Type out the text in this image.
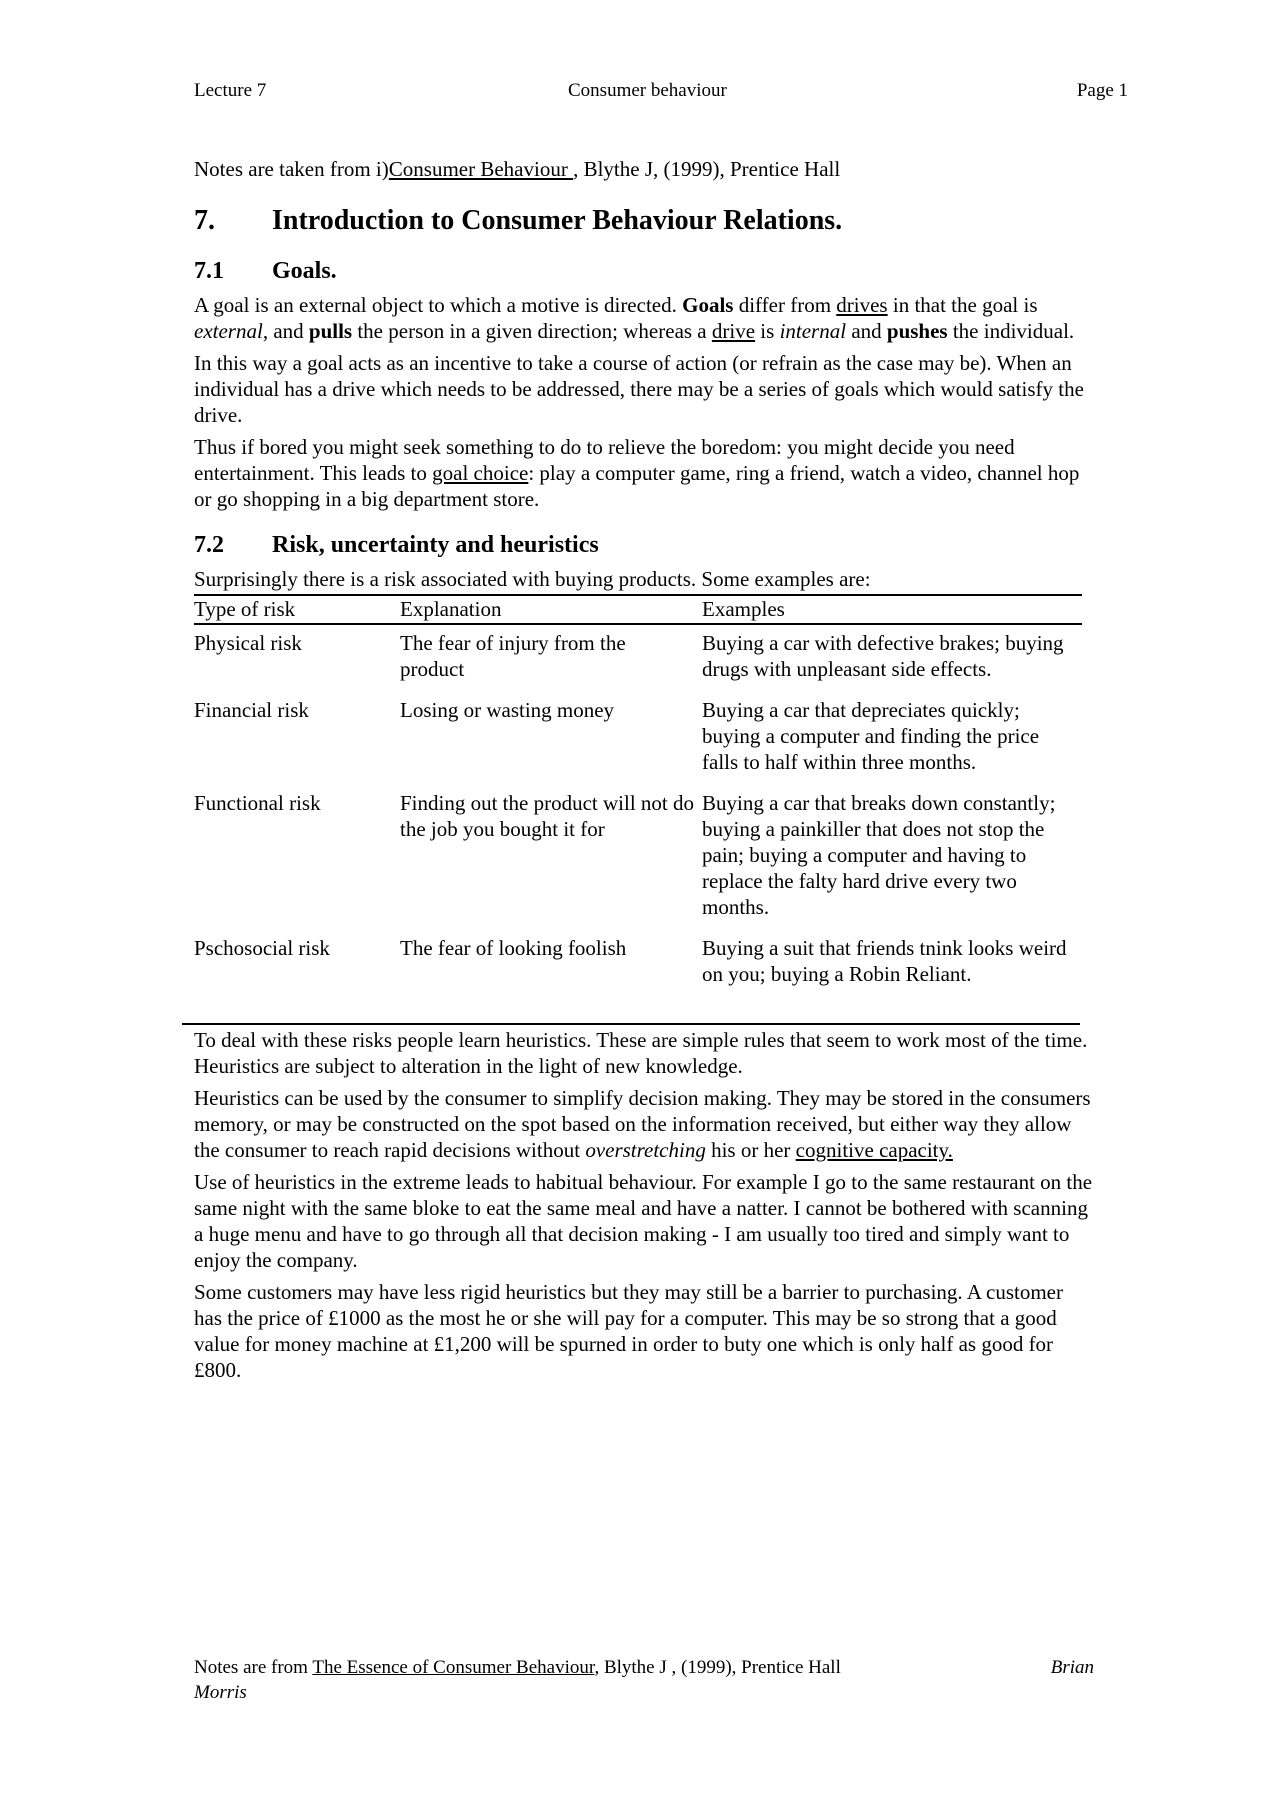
Lecture 7	Consumer behaviour	Page 1

Notes are taken from i)Consumer Behaviour , Blythe J, (1999), Prentice Hall

7.	Introduction to Consumer Behaviour Relations.
7.1	Goals.

A goal is an external object to which a motive is directed. Goals differ from drives in that the goal is external, and pulls the person in a given direction; whereas a drive is internal and pushes the individual.

In this way a goal acts as an incentive to take a course of action (or refrain as the case may be). When an individual has a drive which needs to be addressed, there may be a series of goals which would satisfy the drive.

Thus if bored you might seek something to do to relieve the boredom: you might decide you need entertainment. This leads to goal choice: play a computer game, ring a friend, watch a video, channel hop or go shopping in a big department store.

7.2	Risk, uncertainty and heuristics

Surprisingly there is a risk associated with buying products. Some examples are:

Type of risk	Explanation	Examples
Physical risk	The fear of injury from the product	Buying a car with defective brakes; buying drugs with unpleasant side effects.
Financial risk	Losing or wasting money	Buying a car that depreciates quickly; buying a computer and finding the price falls to half within three months.
Functional risk	Finding out the product will not do the job you bought it for	Buying a car that breaks down constantly; buying a painkiller that does not stop the pain; buying a computer and having to replace the falty hard drive every two months.
Pschosocial risk	The fear of looking foolish	Buying a suit that friends tnink looks weird on you; buying a Robin Reliant.

To deal with these risks people learn heuristics. These are simple rules that seem to work most of the time. Heuristics are subject to alteration in the light of new knowledge.

Heuristics can be used by the consumer to simplify decision making. They may be stored in the consumers memory, or may be constructed on the spot based on the information received, but either way they allow the consumer to reach rapid decisions without overstretching his or her cognitive capacity.

Use of heuristics in the extreme leads to habitual behaviour. For example I go to the same restaurant on the same night with the same bloke to eat the same meal and have a natter. I cannot be bothered with scanning a huge menu and have to go through all that decision making - I am usually too tired and simply want to enjoy the company.

Some customers may have less rigid heuristics but they may still be a barrier to purchasing. A customer has the price of £1000 as the most he or she will pay for a computer. This may be so strong that a good value for money machine at £1,200 will be spurned in order to buty one which is only half as good for £800.

Notes are from The Essence of Consumer Behaviour, Blythe J , (1999), Prentice Hall	Brian
Morris
